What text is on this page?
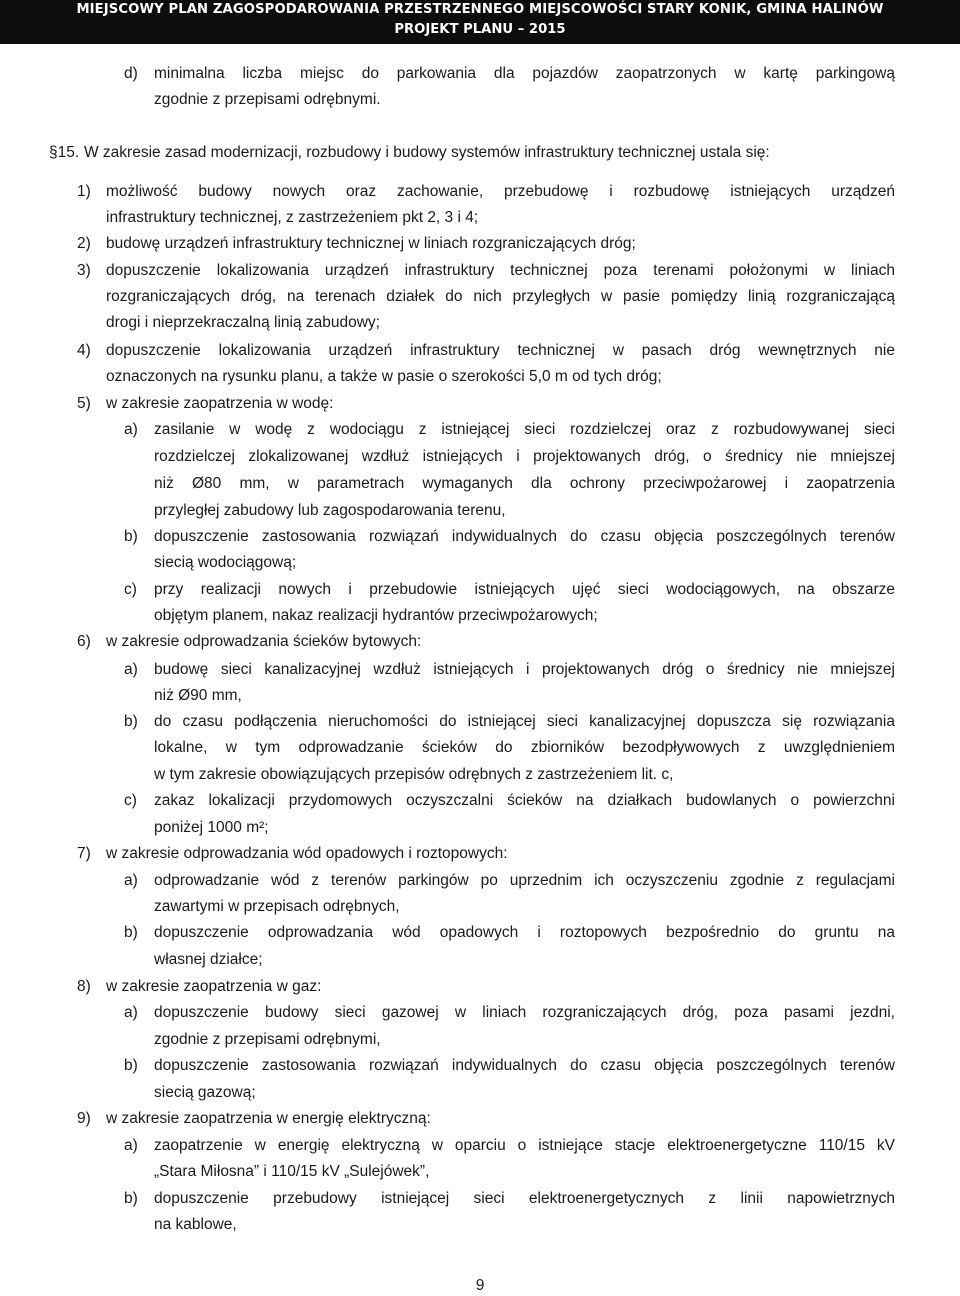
MIEJSCOWY PLAN ZAGOSPODAROWANIA PRZESTRZENNEGO MIEJSCOWOŚCI STARY KONIK, GMINA HALINÓW
PROJEKT PLANU – 2015
d) minimalna liczba miejsc do parkowania dla pojazdów zaopatrzonych w kartę parkingową
zgodnie z przepisami odrębnymi.
§15. W zakresie zasad modernizacji, rozbudowy i budowy systemów infrastruktury technicznej ustala się:
1) możliwość budowy nowych oraz zachowanie, przebudowę i rozbudowę istniejących urządzeń
infrastruktury technicznej, z zastrzeżeniem pkt 2, 3 i 4;
2) budowę urządzeń infrastruktury technicznej w liniach rozgraniczających dróg;
3) dopuszczenie lokalizowania urządzeń infrastruktury technicznej poza terenami położonymi w liniach
rozgraniczających dróg, na terenach działek do nich przyległych w pasie pomiędzy linią rozgraniczającą
drogi i nieprzekraczalną linią zabudowy;
4) dopuszczenie lokalizowania urządzeń infrastruktury technicznej w pasach dróg wewnętrznych nie
oznaczonych na rysunku planu, a także w pasie o szerokości 5,0 m od tych dróg;
5) w zakresie zaopatrzenia w wodę:
a) zasilanie w wodę z wodociągu z istniejącej sieci rozdzielczej oraz z rozbudowywanej sieci
rozdzielczej zlokalizowanej wzdłuż istniejących i projektowanych dróg, o średnicy nie mniejszej
niż Ø80 mm, w parametrach wymaganych dla ochrony przeciwpożarowej i zaopatrzenia
przyległej zabudowy lub zagospodarowania terenu,
b) dopuszczenie zastosowania rozwiązań indywidualnych do czasu objęcia poszczególnych terenów
siecią wodociągową;
c) przy realizacji nowych i przebudowie istniejących ujęć sieci wodociągowych, na obszarze
objętym planem, nakaz realizacji hydrantów przeciwpożarowych;
6) w zakresie odprowadzania ścieków bytowych:
a) budowę sieci kanalizacyjnej wzdłuż istniejących i projektowanych dróg o średnicy nie mniejszej
niż Ø90 mm,
b) do czasu podłączenia nieruchomości do istniejącej sieci kanalizacyjnej dopuszcza się rozwiązania
lokalne, w tym odprowadzanie ścieków do zbiorników bezodpływowych z uwzględnieniem
w tym zakresie obowiązujących przepisów odrębnych z zastrzeżeniem lit. c,
c) zakaz lokalizacji przydomowych oczyszczalni ścieków na działkach budowlanych o powierzchni
poniżej 1000 m²;
7) w zakresie odprowadzania wód opadowych i roztopowych:
a) odprowadzanie wód z terenów parkingów po uprzednim ich oczyszczeniu zgodnie z regulacjami
zawartymi w przepisach odrębnych,
b) dopuszczenie odprowadzania wód opadowych i roztopowych bezpośrednio do gruntu na
własnej działce;
8) w zakresie zaopatrzenia w gaz:
a) dopuszczenie budowy sieci gazowej w liniach rozgraniczających dróg, poza pasami jezdni,
zgodnie z przepisami odrębnymi,
b) dopuszczenie zastosowania rozwiązań indywidualnych do czasu objęcia poszczególnych terenów
siecią gazową;
9) w zakresie zaopatrzenia w energię elektryczną:
a) zaopatrzenie w energię elektryczną w oparciu o istniejące stacje elektroenergetyczne 110/15 kV
„Stara Miłosna” i 110/15 kV „Sulejówek”,
b) dopuszczenie przebudowy istniejącej sieci elektroenergetycznych z linii napowietrznych
na kablowe,
9
